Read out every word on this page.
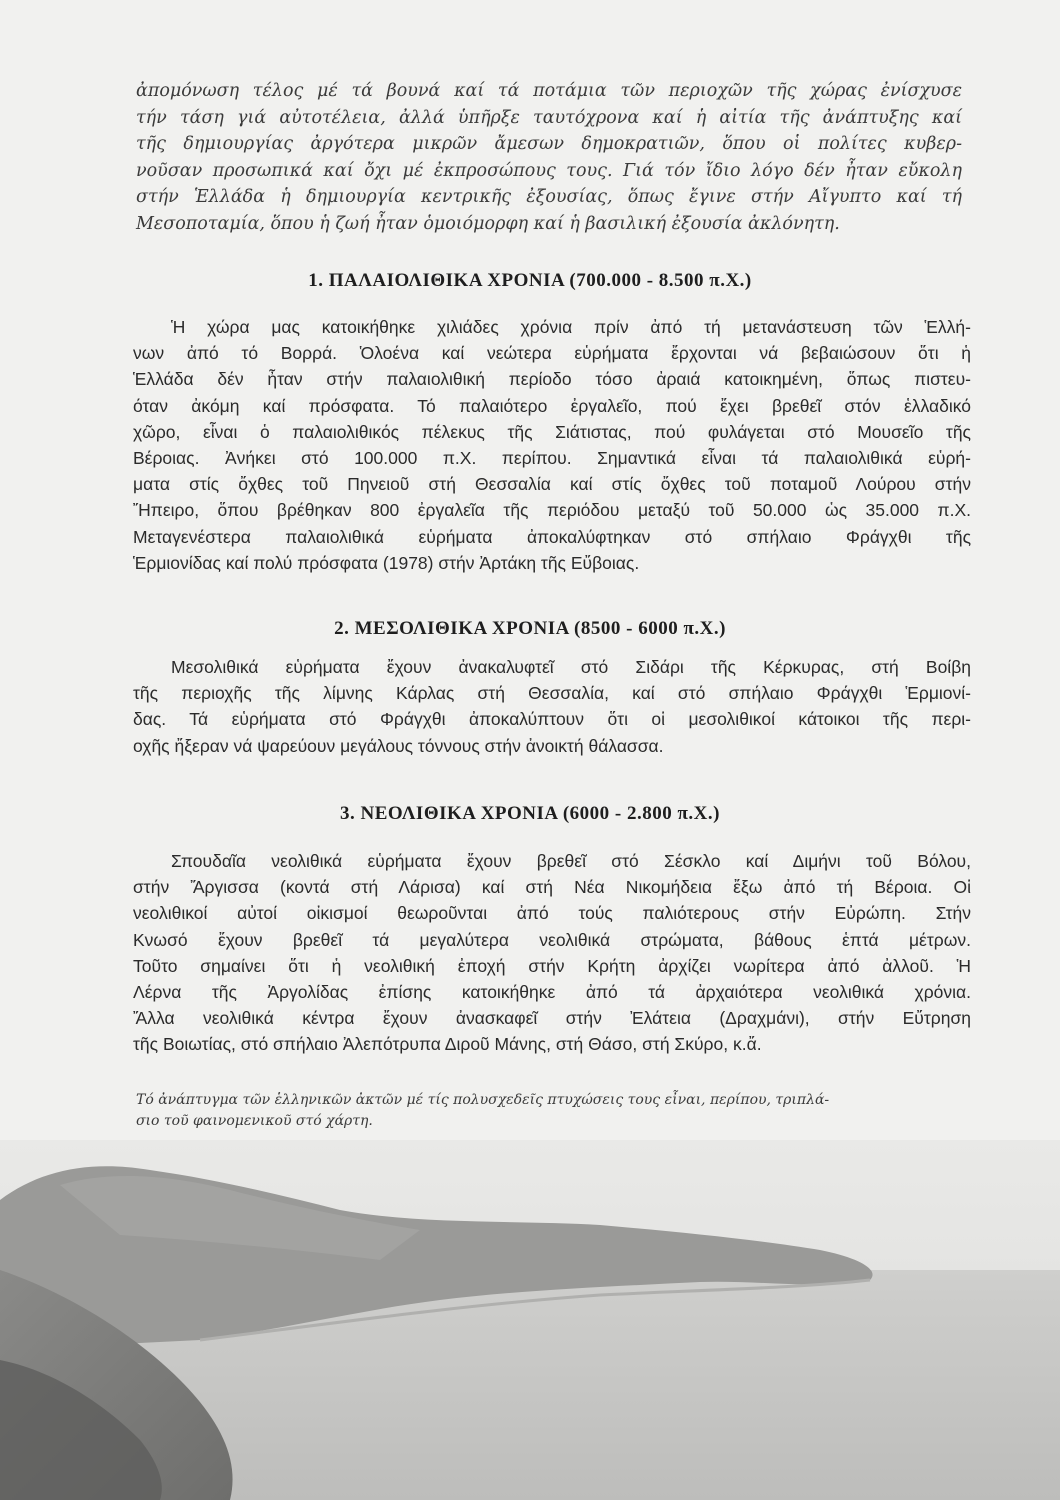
ἀπομόνωση τέλος μέ τά βουνά καί τά ποτάμια τῶν περιοχῶν τῆς χώρας ἐνίσχυσε
τήν τάση γιά αὐτοτέλεια, ἀλλά ὑπῆρξε ταυτόχρονα καί ἡ αἰτία τῆς ἀνάπτυξης καί
τῆς δημιουργίας ἀργότερα μικρῶν ἄμεσων δημοκρατιῶν, ὅπου οἱ πολίτες κυβερ-
νοῦσαν προσωπικά καί ὄχι μέ ἐκπροσώπους τους. Γιά τόν ἴδιο λόγο δέν ἦταν εὔκολη
στήν Ἑλλάδα ἡ δημιουργία κεντρικῆς ἐξουσίας, ὅπως ἔγινε στήν Αἴγυπτο καί τή
Μεσοποταμία, ὅπου ἡ ζωή ἦταν ὁμοιόμορφη καί ἡ βασιλική ἐξουσία ἀκλόνητη.
1. ΠΑΛΑΙΟΛΙΘΙΚΑ ΧΡΟΝΙΑ (700.000 - 8.500 π.Χ.)
Ἡ χώρα μας κατοικήθηκε χιλιάδες χρόνια πρίν ἀπό τή μετανάστευση τῶν Ἑλλή-
νων ἀπό τό Βορρά. Ὁλοένα καί νεώτερα εὑρήματα ἔρχονται νά βεβαιώσουν ὅτι ἡ
Ἑλλάδα δέν ἦταν στήν παλαιολιθική περίοδο τόσο ἀραιά κατοικημένη, ὅπως πιστευ-
όταν ἀκόμη καί πρόσφατα. Τό παλαιότερο ἐργαλεῖο, πού ἔχει βρεθεῖ στόν ἑλλαδικό
χῶρο, εἶναι ὁ παλαιολιθικός πέλεκυς τῆς Σιάτιστας, πού φυλάγεται στό Μουσεῖο τῆς
Βέροιας. Ἀνήκει στό 100.000 π.Χ. περίπου. Σημαντικά εἶναι τά παλαιολιθικά εὑρή-
ματα στίς ὄχθες τοῦ Πηνειοῦ στή Θεσσαλία καί στίς ὄχθες τοῦ ποταμοῦ Λούρου στήν
Ἤπειρο, ὅπου βρέθηκαν 800 ἐργαλεῖα τῆς περιόδου μεταξύ τοῦ 50.000 ὡς 35.000 π.Χ.
Μεταγενέστερα παλαιολιθικά εὑρήματα ἀποκαλύφτηκαν στό σπήλαιο Φράγχθι τῆς
Ἑρμιονίδας καί πολύ πρόσφατα (1978) στήν Ἀρτάκη τῆς Εὔβοιας.
2. ΜΕΣΟΛΙΘΙΚΑ ΧΡΟΝΙΑ (8500 - 6000 π.Χ.)
Μεσολιθικά εὑρήματα ἔχουν ἀνακαλυφτεῖ στό Σιδάρι τῆς Κέρκυρας, στή Βοίβη
τῆς περιοχῆς τῆς λίμνης Κάρλας στή Θεσσαλία, καί στό σπήλαιο Φράγχθι Ἑρμιονί-
δας. Τά εὑρήματα στό Φράγχθι ἀποκαλύπτουν ὅτι οἱ μεσολιθικοί κάτοικοι τῆς περι-
οχῆς ἤξεραν νά ψαρεύουν μεγάλους τόννους στήν ἀνοικτή θάλασσα.
3. ΝΕΟΛΙΘΙΚΑ ΧΡΟΝΙΑ (6000 - 2.800 π.Χ.)
Σπουδαῖα νεολιθικά εὑρήματα ἔχουν βρεθεῖ στό Σέσκλο καί Διμήνι τοῦ Βόλου,
στήν Ἄργισσα (κοντά στή Λάρισα) καί στή Νέα Νικομήδεια ἔξω ἀπό τή Βέροια. Οἱ
νεολιθικοί αὐτοί οἰκισμοί θεωροῦνται ἀπό τούς παλιότερους στήν Εὐρώπη. Στήν
Κνωσό ἔχουν βρεθεῖ τά μεγαλύτερα νεολιθικά στρώματα, βάθους ἑπτά μέτρων.
Τοῦτο σημαίνει ὅτι ἡ νεολιθική ἐποχή στήν Κρήτη ἀρχίζει νωρίτερα ἀπό ἀλλοῦ. Ἡ
Λέρνα τῆς Ἀργολίδας ἐπίσης κατοικήθηκε ἀπό τά ἀρχαιότερα νεολιθικά χρόνια.
Ἄλλα νεολιθικά κέντρα ἔχουν ἀνασκαφεῖ στήν Ἐλάτεια (Δραχμάνι), στήν Εὔτρηση
τῆς Βοιωτίας, στό σπήλαιο Ἀλεπότρυπα Διροῦ Μάνης, στή Θάσο, στή Σκύρο, κ.ἄ.
Τό ἀνάπτυγμα τῶν ἑλληνικῶν ἀκτῶν μέ τίς πολυσχεδεῖς πτυχώσεις τους εἶναι, περίπου, τριπλά-
σιο τοῦ φαινομενικοῦ στό χάρτη.
